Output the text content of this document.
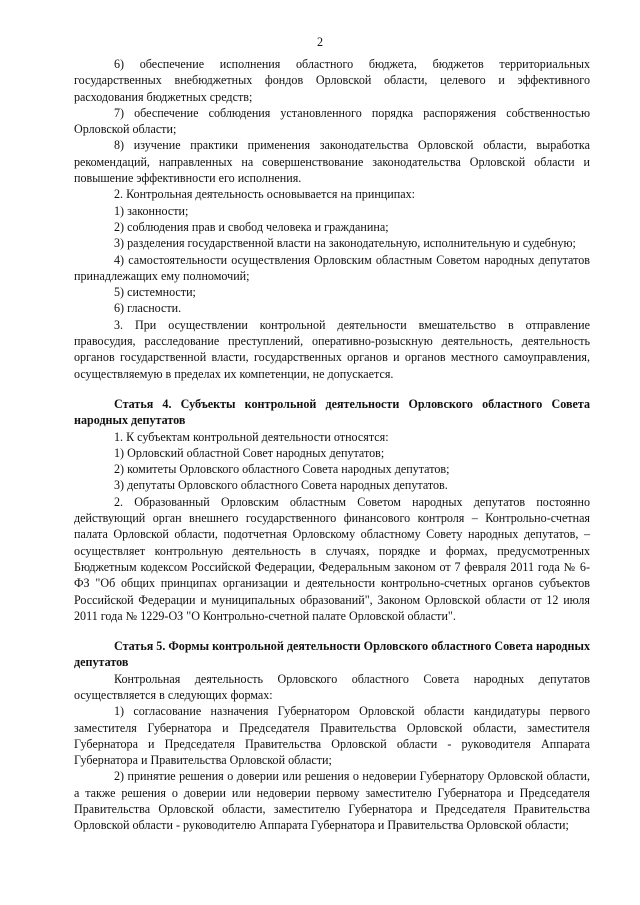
2

6) обеспечение исполнения областного бюджета, бюджетов территориальных государственных внебюджетных фондов Орловской области, целевого и эффективного расходования бюджетных средств;

7) обеспечение соблюдения установленного порядка распоряжения собственностью Орловской области;

8) изучение практики применения законодательства Орловской области, выработка рекомендаций, направленных на совершенствование законодательства Орловской области и повышение эффективности его исполнения.

2. Контрольная деятельность основывается на принципах:

1) законности;

2) соблюдения прав и свобод человека и гражданина;

3) разделения государственной власти на законодательную, исполнительную и судебную;

4) самостоятельности осуществления Орловским областным Советом народных депутатов принадлежащих ему полномочий;

5) системности;

6) гласности.

3. При осуществлении контрольной деятельности вмешательство в отправление правосудия, расследование преступлений, оперативно-розыскную деятельность, деятельность органов государственной власти, государственных органов и органов местного самоуправления, осуществляемую в пределах их компетенции, не допускается.

Статья 4. Субъекты контрольной деятельности Орловского областного Совета народных депутатов

1. К субъектам контрольной деятельности относятся:

1) Орловский областной Совет народных депутатов;

2) комитеты Орловского областного Совета народных депутатов;

3) депутаты Орловского областного Совета народных депутатов.

2. Образованный Орловским областным Советом народных депутатов постоянно действующий орган внешнего государственного финансового контроля – Контрольно-счетная палата Орловской области, подотчетная Орловскому областному Совету народных депутатов, – осуществляет контрольную деятельность в случаях, порядке и формах, предусмотренных Бюджетным кодексом Российской Федерации, Федеральным законом от 7 февраля 2011 года № 6-ФЗ "Об общих принципах организации и деятельности контрольно-счетных органов субъектов Российской Федерации и муниципальных образований", Законом Орловской области от 12 июля 2011 года № 1229-ОЗ "О Контрольно-счетной палате Орловской области".

Статья 5. Формы контрольной деятельности Орловского областного Совета народных депутатов

Контрольная деятельность Орловского областного Совета народных депутатов осуществляется в следующих формах:

1) согласование назначения Губернатором Орловской области кандидатуры первого заместителя Губернатора и Председателя Правительства Орловской области, заместителя Губернатора и Председателя Правительства Орловской области - руководителя Аппарата Губернатора и Правительства Орловской области;

2) принятие решения о доверии или решения о недоверии Губернатору Орловской области, а также решения о доверии или недоверии первому заместителю Губернатора и Председателя Правительства Орловской области, заместителю Губернатора и Председателя Правительства Орловской области - руководителю Аппарата Губернатора и Правительства Орловской области;
